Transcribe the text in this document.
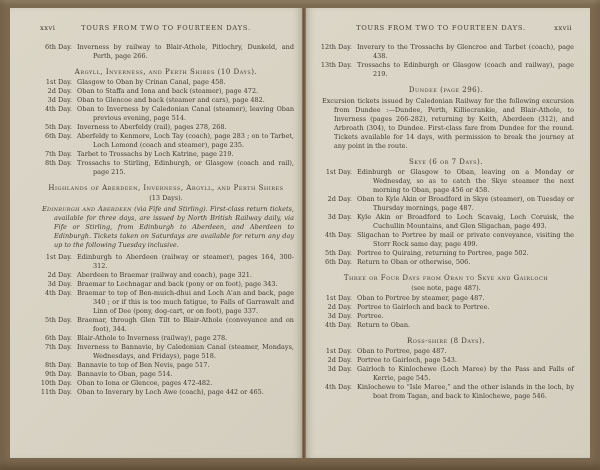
xxvi	TOURS FROM TWO TO FOURTEEN DAYS.
6th Day. Inverness by railway to Blair-Athole, Pitlochry, Dunkeld, and Perth, page 266.
Argyll, Inverness, and Perth Shires (10 Days).
1st Day. Glasgow to Oban by Crinan Canal, page 458.
2d Day. Oban to Staffa and Iona and back (steamer), page 472.
3d Day. Oban to Glencoe and back (steamer and cars), page 482.
4th Day. Oban to Inverness by Caledonian Canal (steamer), leaving Oban previous evening, page 514.
5th Day. Inverness to Aberfeldy (rail), pages 278, 268.
6th Day. Aberfeldy to Kenmore, Loch Tay (coach), page 283 ; on to Tarbet, Loch Lomond (coach and steamer), page 235.
7th Day. Tarbet to Trossachs by Loch Katrine, page 219.
8th Day. Trossachs to Stirling, Edinburgh, or Glasgow (coach and rail), page 215.
Highlands of Aberdeen, Inverness, Argyll, and Perth Shires
(13 Days).
Edinburgh and Aberdeen (via Fife and Stirling). First-class return tickets, available for three days, are issued by North British Railway daily, via Fife or Stirling, from Edinburgh to Aberdeen, and Aberdeen to Edinburgh. Tickets taken on Saturdays are available for return any day up to the following Tuesday inclusive.
1st Day. Edinburgh to Aberdeen (railway or steamer), pages 164, 300-312.
2d Day. Aberdeen to Braemar (railway and coach), page 321.
3d Day. Braemar to Lochnagar and back (pony or on foot), page 343.
4th Day. Braemar to top of Ben-muich-dhui and Loch A'an and back, page 340 ; or if this is too much fatigue, to Falls of Garrawalt and Linn of Dee (pony, dog-cart, or on foot), page 337.
5th Day. Braemar, through Glen Tilt to Blair-Athole (conveyance and on foot), 344.
6th Day. Blair-Athole to Inverness (railway), page 278.
7th Day. Inverness to Bannavie, by Caledonian Canal (steamer, Mondays, Wednesdays, and Fridays), page 518.
8th Day. Bannavie to top of Ben Nevis, page 517.
9th Day. Bannavie to Oban, page 514.
10th Day. Oban to Iona or Glencoe, pages 472-482.
11th Day. Oban to Inverary by Loch Awe (coach), page 442 or 465.
TOURS FROM TWO TO FOURTEEN DAYS.	xxvii
12th Day. Inverary to the Trossachs by Glencroe and Tarbet (coach), page 438.
13th Day. Trossachs to Edinburgh or Glasgow (coach and railway), page 219.
Dundee (page 296).
Excursion tickets issued by Caledonian Railway for the following excursion from Dundee :—Dundee, Perth, Killiecrankie, and Blair-Athole, to Inverness (pages 266-282), returning by Keith, Aberdeen (312), and Arbroath (304), to Dundee. First-class fare from Dundee for the round. Tickets available for 14 days, with permission to break the journey at any point in the route.
Skye (6 or 7 Days).
1st Day. Edinburgh or Glasgow to Oban, leaving on a Monday or Wednesday, so as to catch the Skye steamer the next morning to Oban, page 456 or 458.
2d Day. Oban to Kyle Akin or Broadford in Skye (steamer), on Tuesday or Thursday mornings, page 487.
3d Day. Kyle Akin or Broadford to Loch Scavaig, Loch Coruisk, the Cuchullin Mountains, and Glen Sligachan, page 493.
4th Day. Sligachan to Portree by mail or private conveyance, visiting the Storr Rock same day, page 499.
5th Day. Portree to Quiraing, returning to Portree, page 502.
6th Day. Return to Oban or otherwise, 506.
Three or Four Days from Oban to Skye and Gairloch
(see note, page 487).
1st Day. Oban to Portree by steamer, page 487.
2d Day. Portree to Gairloch and back to Portree.
3d Day. Portree.
4th Day. Return to Oban.
Ross-shire (8 Days).
1st Day. Oban to Portree, page 487.
2d Day. Portree to Gairloch, page 543.
3d Day. Gairloch to Kinlochewe (Loch Maree) by the Pass and Falls of Kerrie, page 545.
4th Day. Kinlochewe to “Isle Maree,” and the other islands in the loch, by boat from Tagan, and back to Kinlochewe, page 546.
